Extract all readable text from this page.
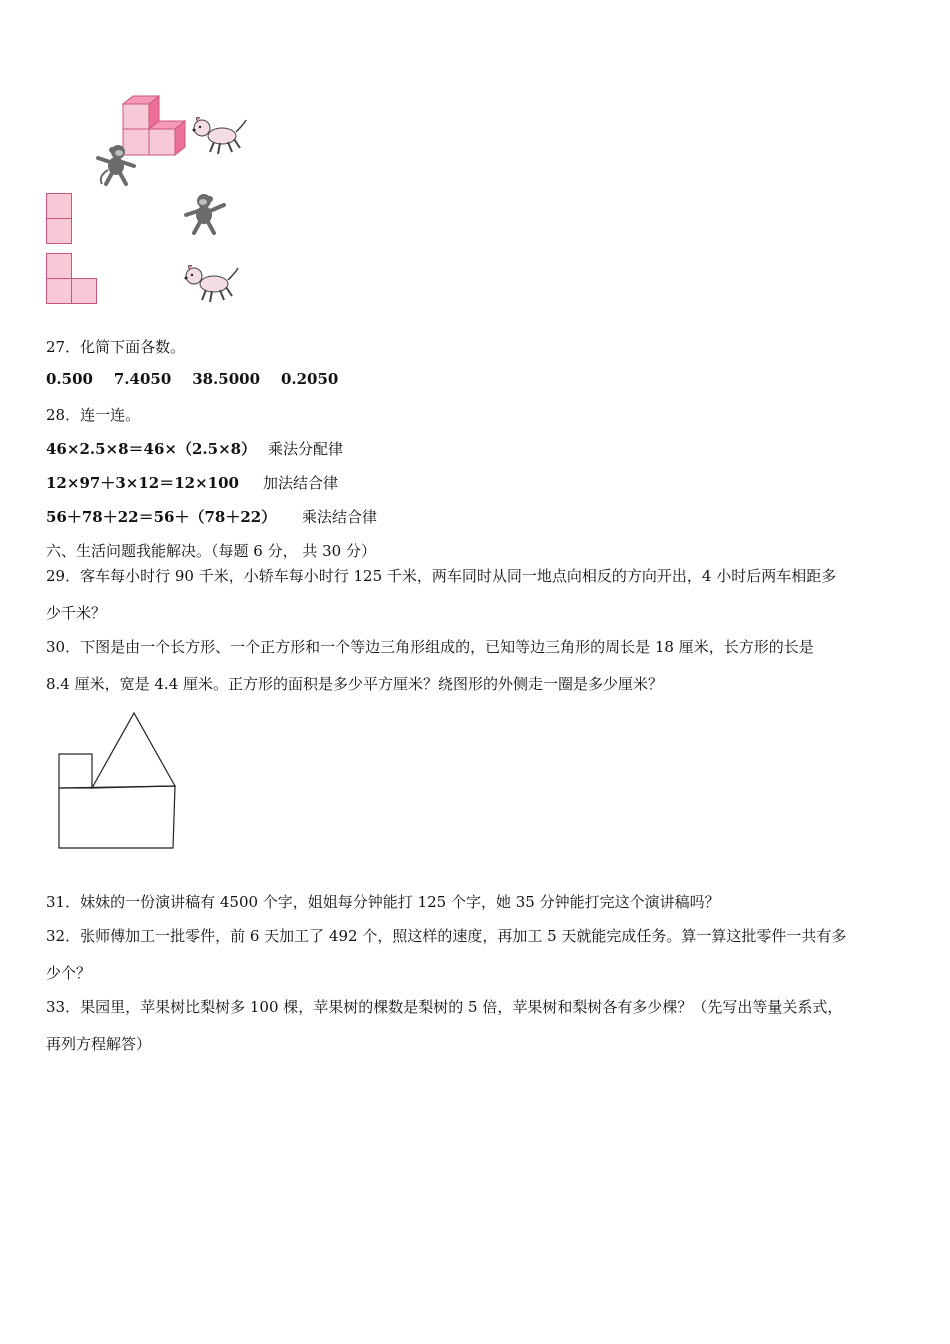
27．化简下面各数。
0.500 7.4050 38.5000 0.2050
28．连一连。
46×2.5×8＝46×（2.5×8） 乘法分配律
12×97＋3×12＝12×100 加法结合律
56＋78＋22＝56＋（78＋22） 乘法结合律
六、生活问题我能解决。（每题 6 分， 共 30 分）
29．客车每小时行 90 千米，小轿车每小时行 125 千米，两车同时从同一地点向相反的方向开出，4 小时后两车相距多
少千米？
30．下图是由一个长方形、一个正方形和一个等边三角形组成的，已知等边三角形的周长是 18 厘米，长方形的长是
8.4 厘米，宽是 4.4 厘米。正方形的面积是多少平方厘米？绕图形的外侧走一圈是多少厘米？
31．妹妹的一份演讲稿有 4500 个字，姐姐每分钟能打 125 个字，她 35 分钟能打完这个演讲稿吗？
32．张师傅加工一批零件，前 6 天加工了 492 个，照这样的速度，再加工 5 天就能完成任务。算一算这批零件一共有多
少个？
33．果园里，苹果树比梨树多 100 棵，苹果树的棵数是梨树的 5 倍，苹果树和梨树各有多少棵？（先写出等量关系式，
再列方程解答）
